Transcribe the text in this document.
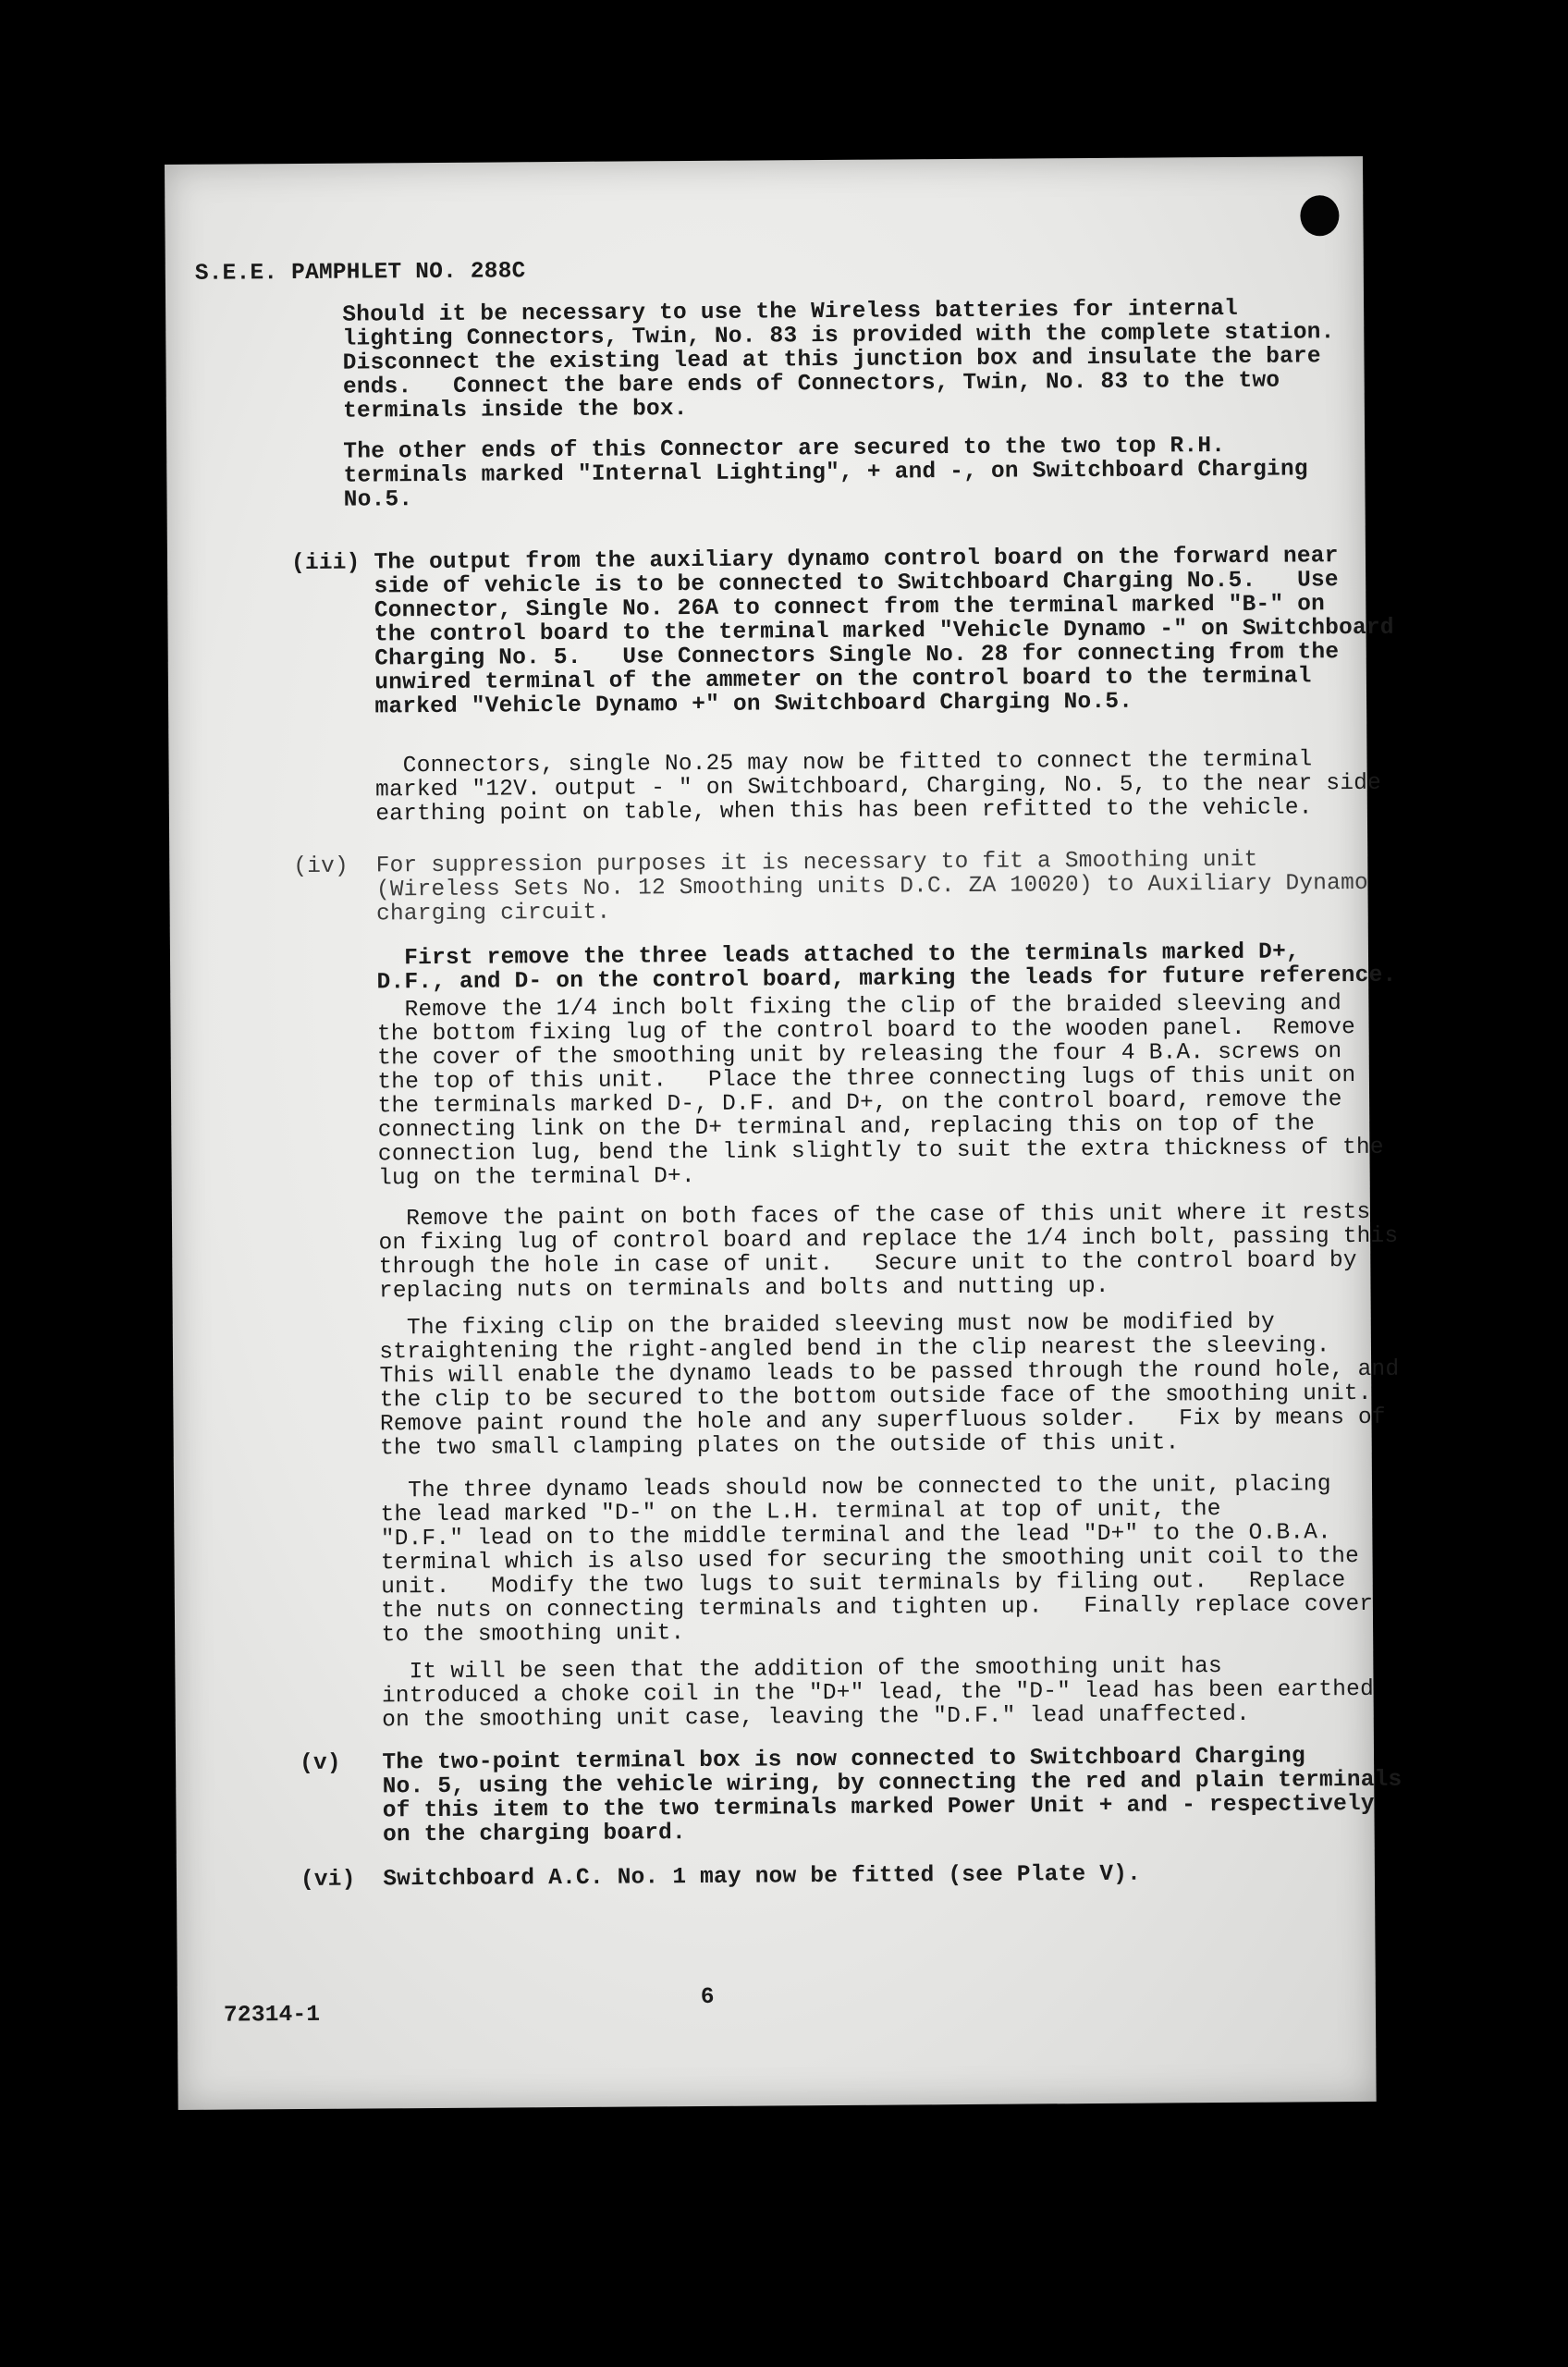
S.E.E. PAMPHLET NO. 288C
Should it be necessary to use the Wireless batteries for internal
lighting Connectors, Twin, No. 83 is provided with the complete station.
Disconnect the existing lead at this junction box and insulate the bare
ends.   Connect the bare ends of Connectors, Twin, No. 83 to the two
terminals inside the box.
The other ends of this Connector are secured to the two top R.H.
terminals marked "Internal Lighting", + and -, on Switchboard Charging
No.5.
(iii) The output from the auxiliary dynamo control board on the forward near
side of vehicle is to be connected to Switchboard Charging No.5.   Use
Connector, Single No. 26A to connect from the terminal marked "B-" on
the control board to the terminal marked "Vehicle Dynamo -" on Switchboard
Charging No. 5.   Use Connectors Single No. 28 for connecting from the
unwired terminal of the ammeter on the control board to the terminal
marked "Vehicle Dynamo +" on Switchboard Charging No.5.
Connectors, single No.25 may now be fitted to connect the terminal
marked "12V. output - " on Switchboard, Charging, No. 5, to the near side
earthing point on table, when this has been refitted to the vehicle.
(iv)  For suppression purposes it is necessary to fit a Smoothing unit
(Wireless Sets No. 12 Smoothing units D.C. ZA 10020) to Auxiliary Dynamo
charging circuit.
First remove the three leads attached to the terminals marked D+,
D.F., and D- on the control board, marking the leads for future reference.
Remove the 1/4 inch bolt fixing the clip of the braided sleeving and
the bottom fixing lug of the control board to the wooden panel.  Remove
the cover of the smoothing unit by releasing the four 4 B.A. screws on
the top of this unit.   Place the three connecting lugs of this unit on
the terminals marked D-, D.F. and D+, on the control board, remove the
connecting link on the D+ terminal and, replacing this on top of the
connection lug, bend the link slightly to suit the extra thickness of the
lug on the terminal D+.
Remove the paint on both faces of the case of this unit where it rests
on fixing lug of control board and replace the 1/4 inch bolt, passing this
through the hole in case of unit.   Secure unit to the control board by
replacing nuts on terminals and bolts and nutting up.
The fixing clip on the braided sleeving must now be modified by
straightening the right-angled bend in the clip nearest the sleeving.
This will enable the dynamo leads to be passed through the round hole, and
the clip to be secured to the bottom outside face of the smoothing unit.
Remove paint round the hole and any superfluous solder.   Fix by means of
the two small clamping plates on the outside of this unit.
The three dynamo leads should now be connected to the unit, placing
the lead marked "D-" on the L.H. terminal at top of unit, the
"D.F." lead on to the middle terminal and the lead "D+" to the O.B.A.
terminal which is also used for securing the smoothing unit coil to the
unit.   Modify the two lugs to suit terminals by filing out.   Replace
the nuts on connecting terminals and tighten up.   Finally replace cover
to the smoothing unit.
It will be seen that the addition of the smoothing unit has
introduced a choke coil in the "D+" lead, the "D-" lead has been earthed
on the smoothing unit case, leaving the "D.F." lead unaffected.
(v)   The two-point terminal box is now connected to Switchboard Charging
No. 5, using the vehicle wiring, by connecting the red and plain terminals
of this item to the two terminals marked Power Unit + and - respectively
on the charging board.
(vi)  Switchboard A.C. No. 1 may now be fitted (see Plate V).
6
72314-1
